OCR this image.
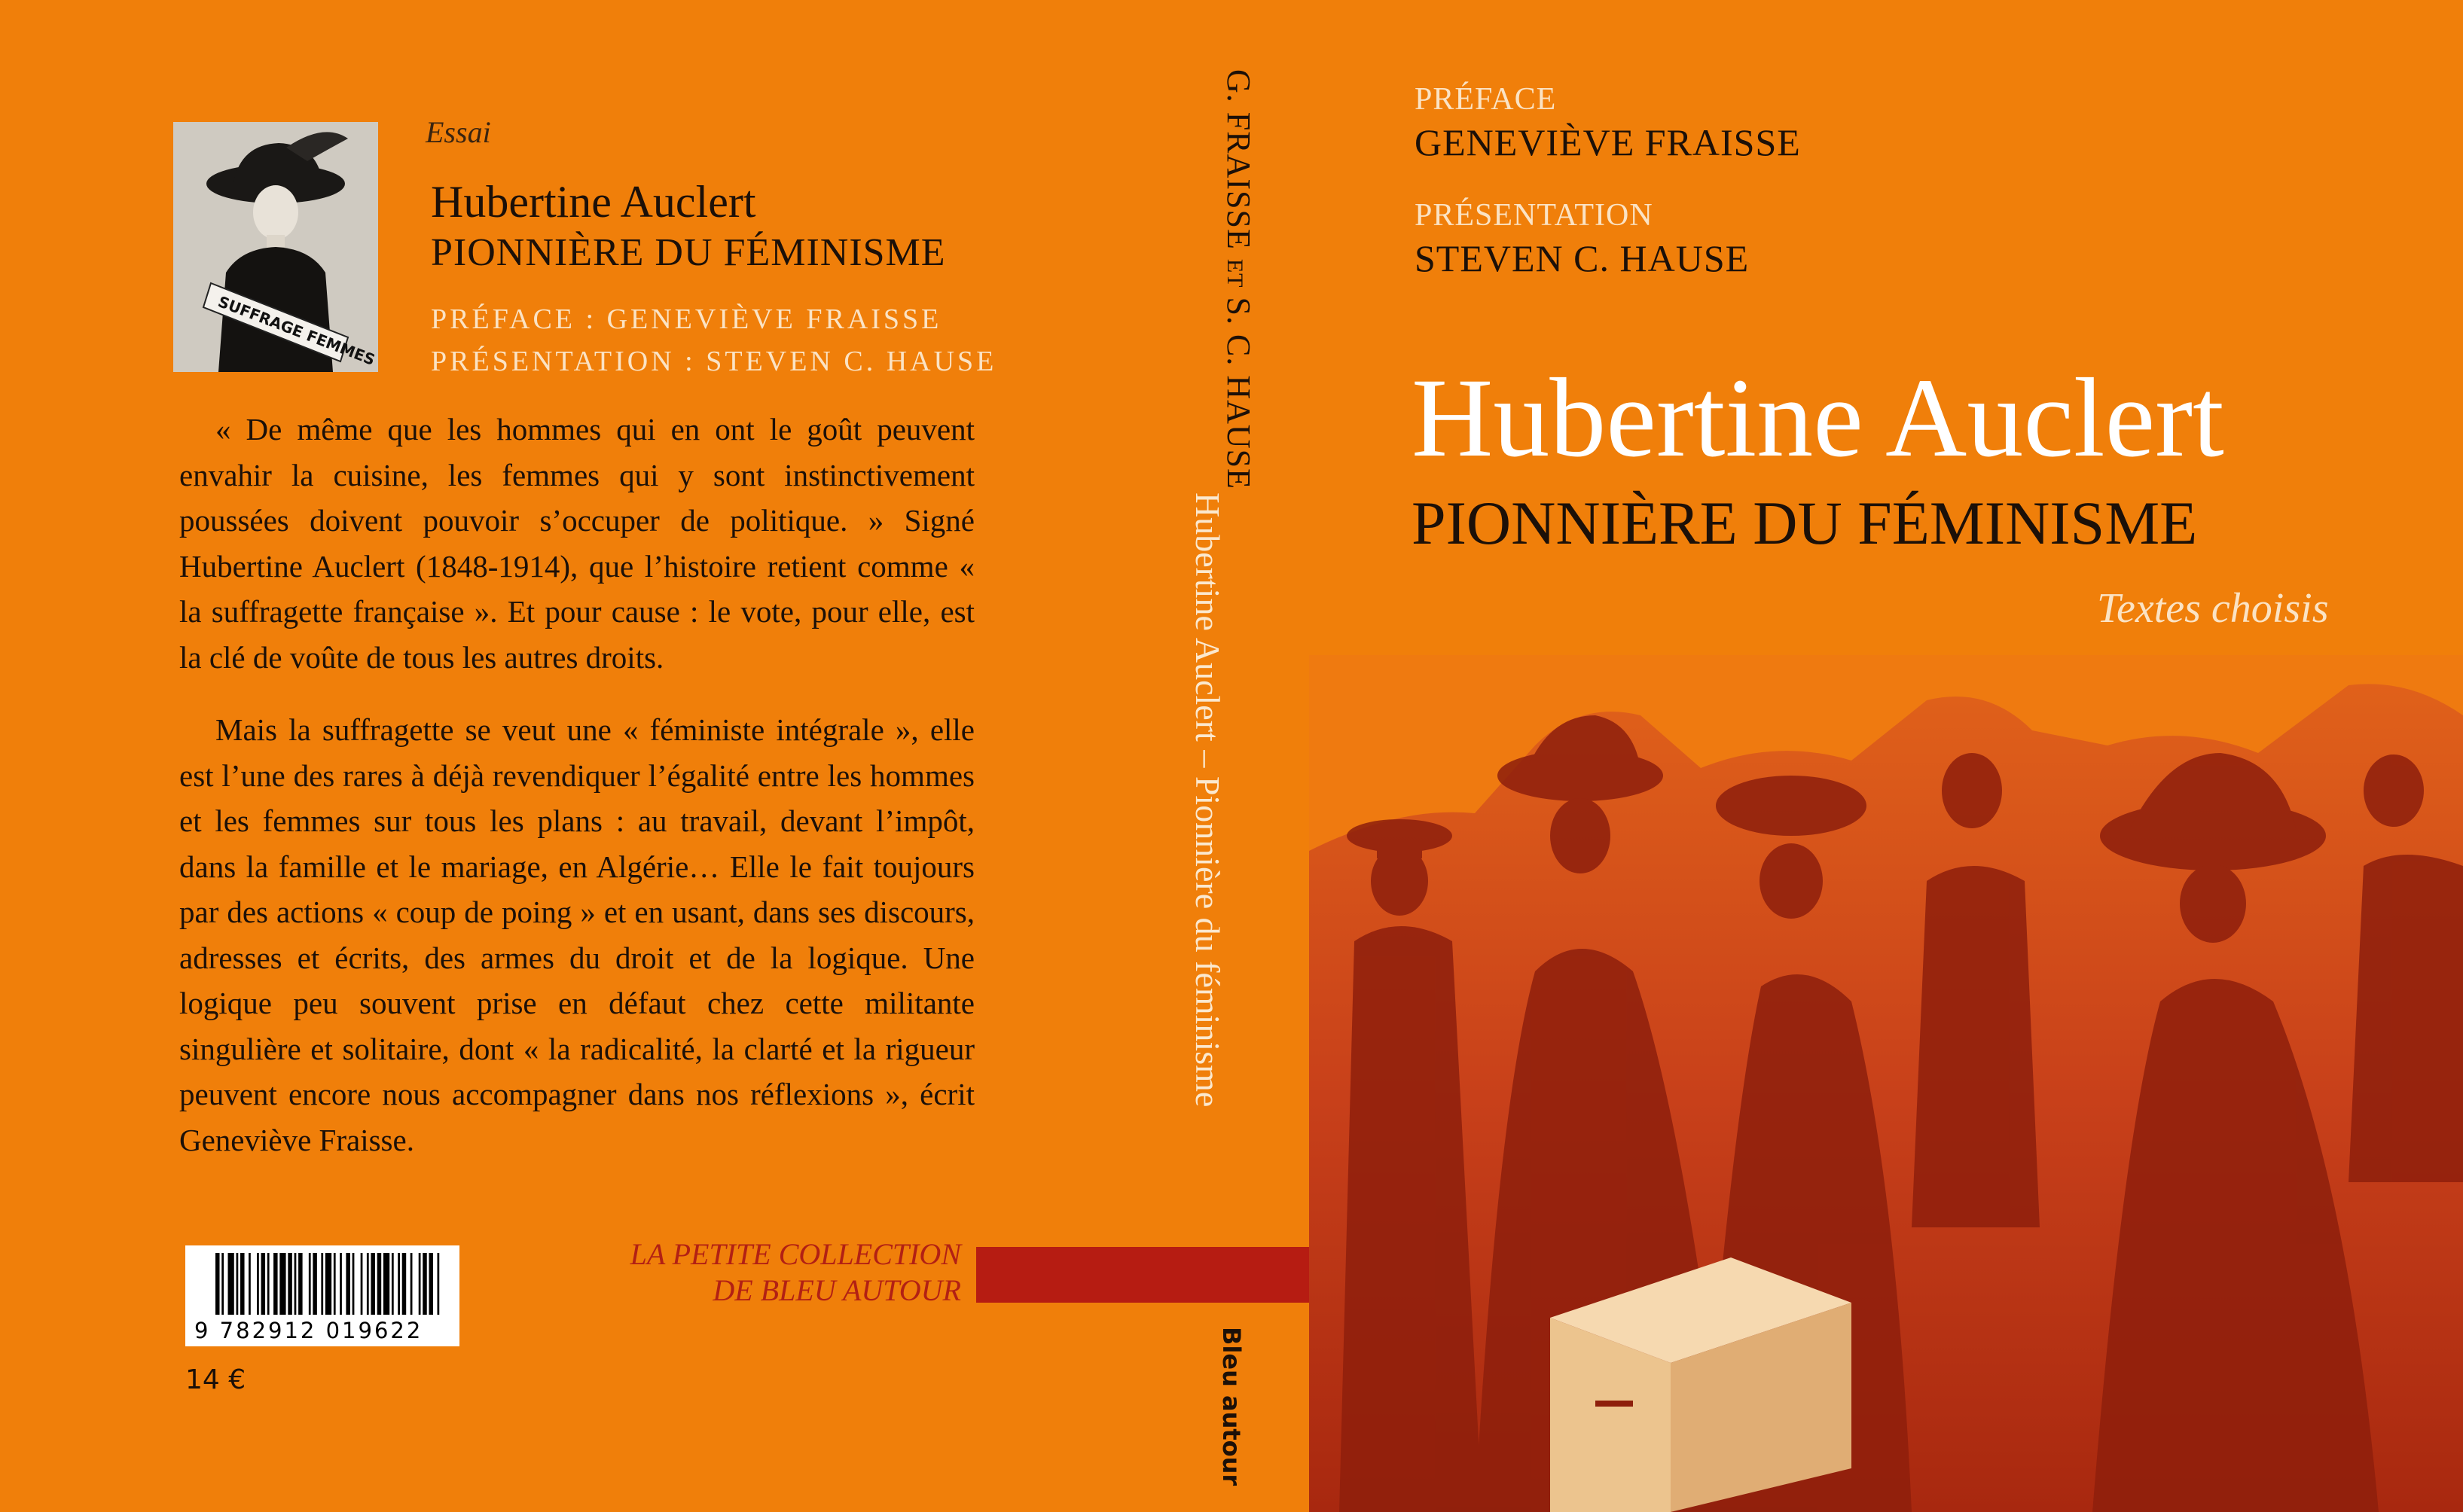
SUFFRAGE FEMMES
Essai
Hubertine Auclert
PIONNIÈRE DU FÉMINISME
PRÉFACE : GENEVIÈVE FRAISSE
PRÉSENTATION : STEVEN C. HAUSE

« De même que les hommes qui en ont le goût peuvent envahir la cuisine, les femmes qui y sont instinctivement poussées doivent pouvoir s’occuper de politique. » Signé Hubertine Auclert (1848-1914), que l’histoire retient comme « la suffragette française ». Et pour cause : le vote, pour elle, est la clé de voûte de tous les autres droits.

Mais la suffragette se veut une « féministe intégrale », elle est l’une des rares à déjà revendiquer l’égalité entre les hommes et les femmes sur tous les plans : au travail, devant l’impôt, dans la famille et le mariage, en Algérie… Elle le fait toujours par des actions « coup de poing » et en usant, dans ses discours, adresses et écrits, des armes du droit et de la logique. Une logique peu souvent prise en défaut chez cette militante singulière et solitaire, dont « la radicalité, la clarté et la rigueur peuvent encore nous accompagner dans nos réflexions », écrit Geneviève Fraisse.

9 782912 019622
14 €
LA PETITE COLLECTION
DE BLEU AUTOUR
G. FRAISSE ET S. C. HAUSE
Hubertine Auclert – Pionnière du féminisme
Bleu autour
PRÉFACE
GENEVIÈVE FRAISSE
PRÉSENTATION
STEVEN C. HAUSE
Hubertine Auclert
PIONNIÈRE DU FÉMINISME
Textes choisis
